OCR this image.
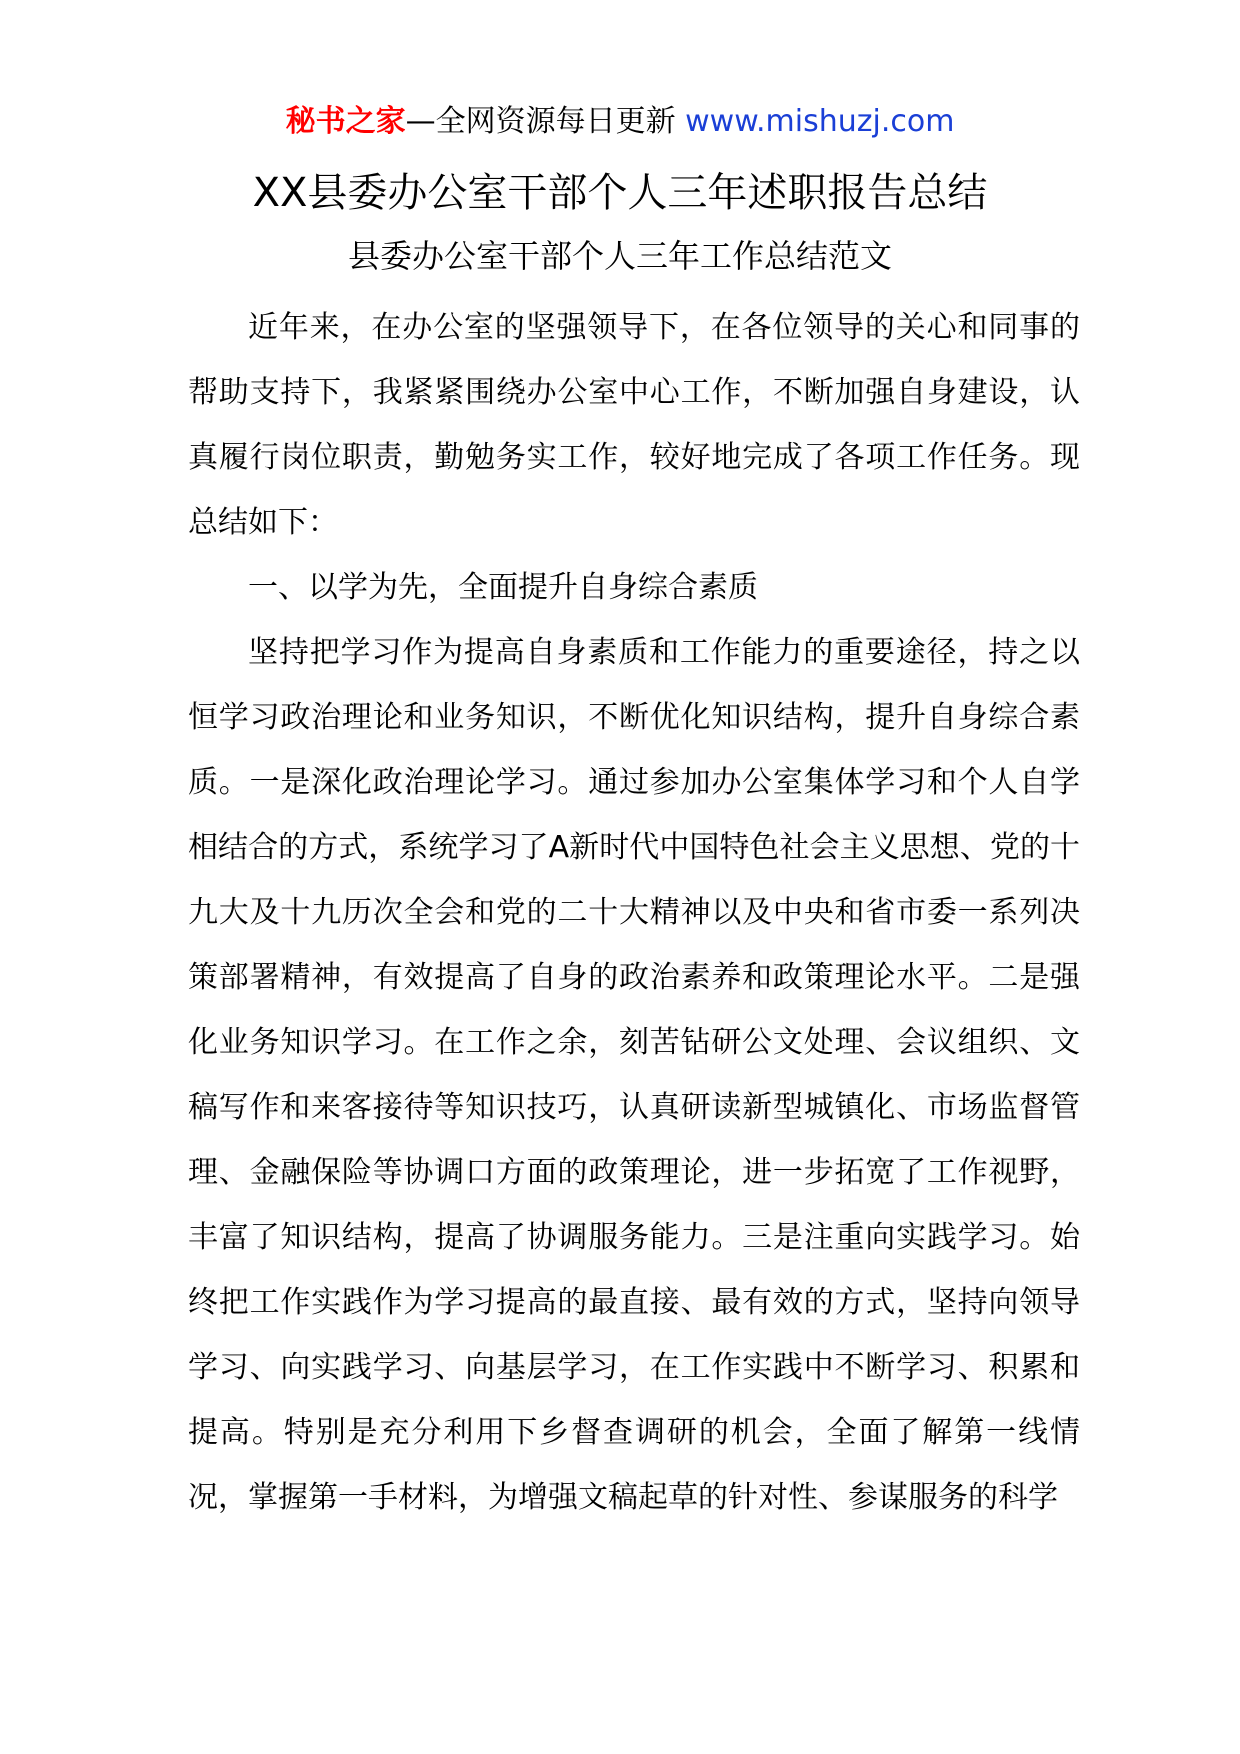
秘书之家—全网资源每日更新 www.mishuzj.com
XX县委办公室干部个人三年述职报告总结
县委办公室干部个人三年工作总结范文

近年来，在办公室的坚强领导下，在各位领导的关心和同事的帮助支持下，我紧紧围绕办公室中心工作，不断加强自身建设，认真履行岗位职责，勤勉务实工作，较好地完成了各项工作任务。现总结如下：

一、以学为先，全面提升自身综合素质

坚持把学习作为提高自身素质和工作能力的重要途径，持之以恒学习政治理论和业务知识，不断优化知识结构，提升自身综合素质。一是深化政治理论学习。通过参加办公室集体学习和个人自学相结合的方式，系统学习了A新时代中国特色社会主义思想、党的十九大及十九历次全会和党的二十大精神以及中央和省市委一系列决策部署精神，有效提高了自身的政治素养和政策理论水平。二是强化业务知识学习。在工作之余，刻苦钻研公文处理、会议组织、文稿写作和来客接待等知识技巧，认真研读新型城镇化、市场监督管理、金融保险等协调口方面的政策理论，进一步拓宽了工作视野，丰富了知识结构，提高了协调服务能力。三是注重向实践学习。始终把工作实践作为学习提高的最直接、最有效的方式，坚持向领导学习、向实践学习、向基层学习，在工作实践中不断学习、积累和提高。特别是充分利用下乡督查调研的机会，全面了解第一线情况，掌握第一手材料，为增强文稿起草的针对性、参谋服务的科学
